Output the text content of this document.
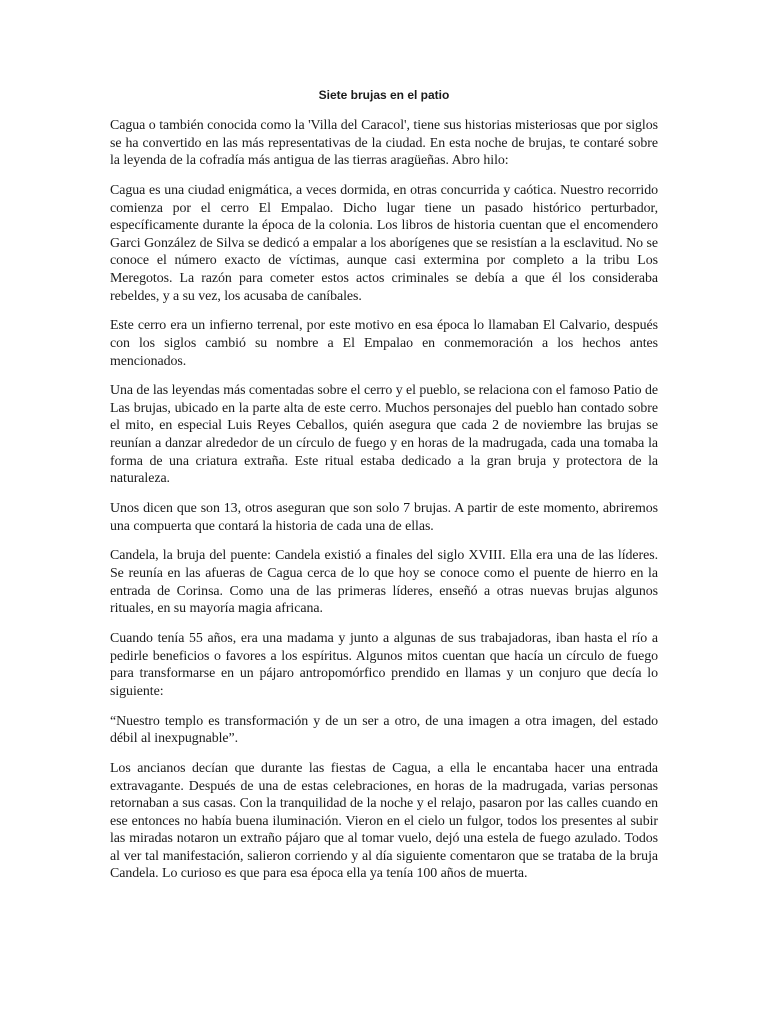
Siete brujas en el patio

Cagua o también conocida como la 'Villa del Caracol', tiene sus historias misteriosas que por siglos se ha convertido en las más representativas de la ciudad. En esta noche de brujas, te contaré sobre la leyenda de la cofradía más antigua de las tierras aragüeñas. Abro hilo:

Cagua es una ciudad enigmática, a veces dormida, en otras concurrida y caótica. Nuestro recorrido comienza por el cerro El Empalao. Dicho lugar tiene un pasado histórico perturbador, específicamente durante la época de la colonia. Los libros de historia cuentan que el encomendero Garci González de Silva se dedicó a empalar a los aborígenes que se resistían a la esclavitud. No se conoce el número exacto de víctimas, aunque casi extermina por completo a la tribu Los Meregotos. La razón para cometer estos actos criminales se debía a que él los consideraba rebeldes, y a su vez, los acusaba de caníbales.

Este cerro era un infierno terrenal, por este motivo en esa época lo llamaban El Calvario, después con los siglos cambió su nombre a El Empalao en conmemoración a los hechos antes mencionados.

Una de las leyendas más comentadas sobre el cerro y el pueblo, se relaciona con el famoso Patio de Las brujas, ubicado en la parte alta de este cerro. Muchos personajes del pueblo han contado sobre el mito, en especial Luis Reyes Ceballos, quién asegura que cada 2 de noviembre las brujas se reunían a danzar alrededor de un círculo de fuego y en horas de la madrugada, cada una tomaba la forma de una criatura extraña. Este ritual estaba dedicado a la gran bruja y protectora de la naturaleza.

Unos dicen que son 13, otros aseguran que son solo 7 brujas. A partir de este momento, abriremos una compuerta que contará la historia de cada una de ellas.

Candela, la bruja del puente: Candela existió a finales del siglo XVIII. Ella era una de las líderes. Se reunía en las afueras de Cagua cerca de lo que hoy se conoce como el puente de hierro en la entrada de Corinsa. Como una de las primeras líderes, enseñó a otras nuevas brujas algunos rituales, en su mayoría magia africana.

Cuando tenía 55 años, era una madama y junto a algunas de sus trabajadoras, iban hasta el río a pedirle beneficios o favores a los espíritus. Algunos mitos cuentan que hacía un círculo de fuego para transformarse en un pájaro antropomórfico prendido en llamas y un conjuro que decía lo siguiente:

“Nuestro templo es transformación y de un ser a otro, de una imagen a otra imagen, del estado débil al inexpugnable”.

Los ancianos decían que durante las fiestas de Cagua, a ella le encantaba hacer una entrada extravagante. Después de una de estas celebraciones, en horas de la madrugada, varias personas retornaban a sus casas. Con la tranquilidad de la noche y el relajo, pasaron por las calles cuando en ese entonces no había buena iluminación. Vieron en el cielo un fulgor, todos los presentes al subir las miradas notaron un extraño pájaro que al tomar vuelo, dejó una estela de fuego azulado. Todos al ver tal manifestación, salieron corriendo y al día siguiente comentaron que se trataba de la bruja Candela. Lo curioso es que para esa época ella ya tenía 100 años de muerta.
